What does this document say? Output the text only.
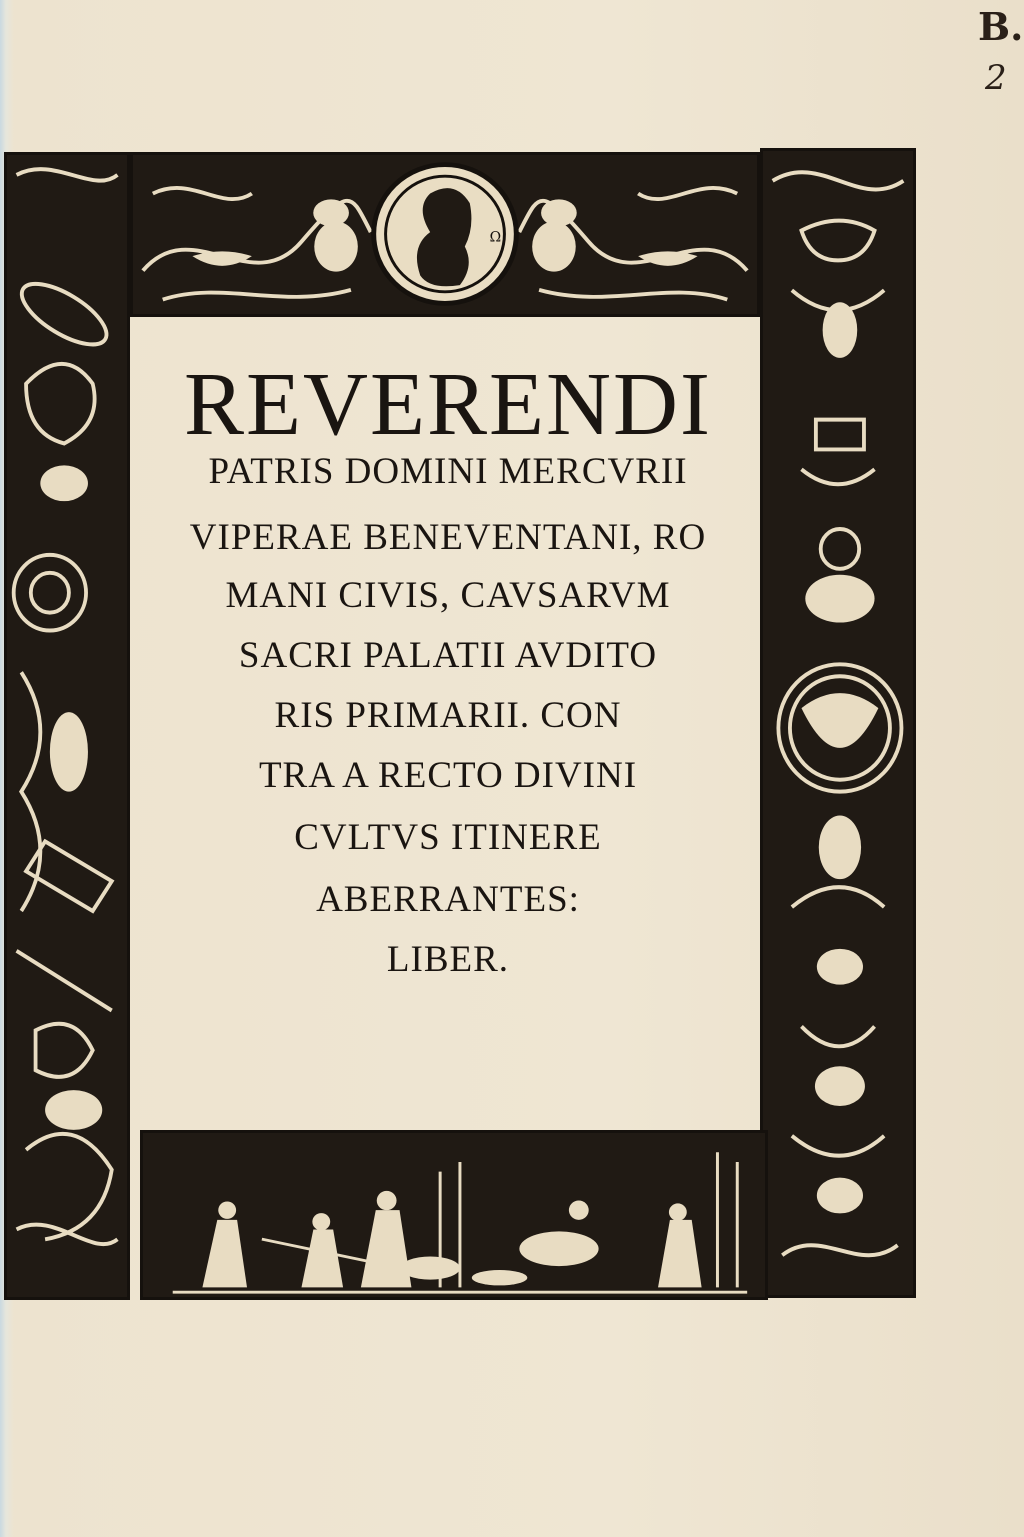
B.
2
Ω
REVERENDI
PATRIS DOMINI MERCVRII
VIPERAE BENEVENTANI, RO
MANI CIVIS, CAVSARVM
SACRI PALATII AVDITO
RIS PRIMARII. CON
TRA A RECTO DIVINI
CVLTVS ITINERE
ABERRANTES:
LIBER.
